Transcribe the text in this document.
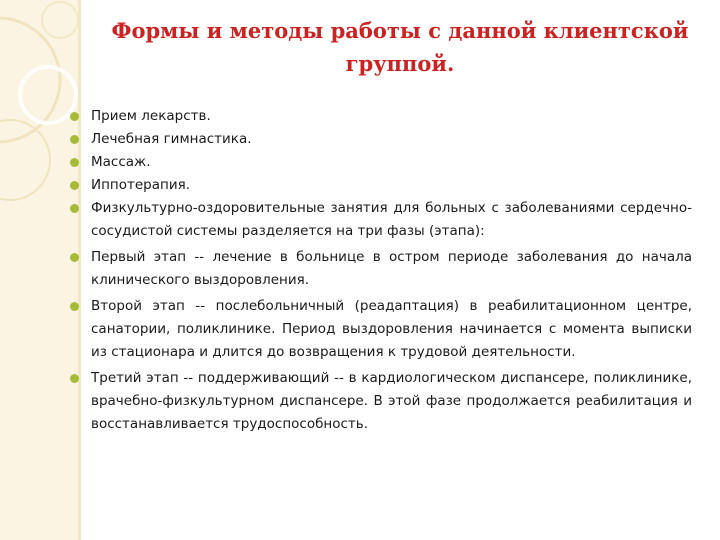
Формы и методы работы с данной клиентской группой.
Прием лекарств.
Лечебная гимнастика.
Массаж.
Иппотерапия.
Физкультурно-оздоровительные занятия для больных с заболеваниями сердечно-сосудистой системы разделяется на три фазы (этапа):
Первый этап -- лечение в больнице в остром периоде заболевания до начала клинического выздоровления.
Второй этап -- послебольничный (реадаптация) в реабилитационном центре, санатории, поликлинике. Период выздоровления начинается с момента выписки из стационара и длится до возвращения к трудовой деятельности.
Третий этап -- поддерживающий -- в кардиологическом диспансере, поликлинике, врачебно-физкультурном диспансере. В этой фазе продолжается реабилитация и восстанавливается трудоспособность.
